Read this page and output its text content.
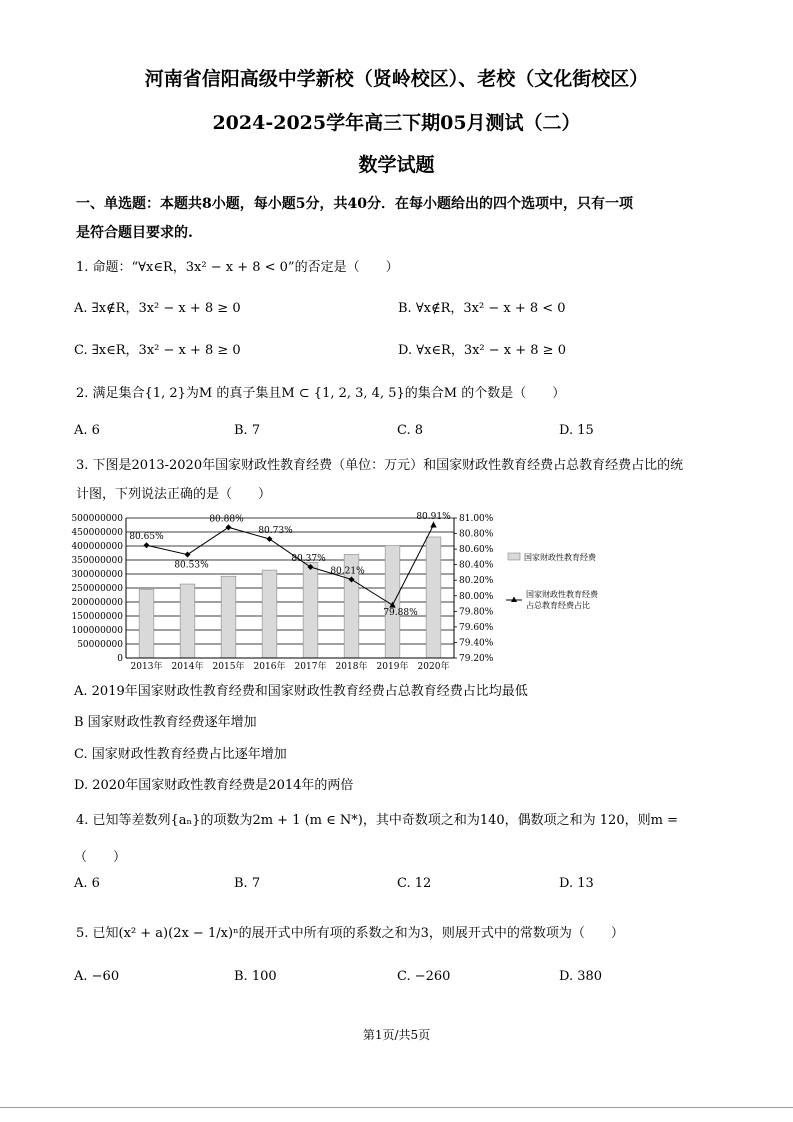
河南省信阳高级中学新校（贤岭校区）、老校（文化街校区）
2024-2025学年高三下期05月测试（二）
数学试题
一、单选题：本题共8小题，每小题5分，共40分．在每小题给出的四个选项中，只有一项
是符合题目要求的.
1. 命题：“∀x∈R，3x² − x + 8 < 0”的否定是（　　）
A. ∃x∉R，3x² − x + 8 ≥ 0	B. ∀x∉R，3x² − x + 8 < 0
C. ∃x∈R，3x² − x + 8 ≥ 0	D. ∀x∈R，3x² − x + 8 ≥ 0
2. 满足集合{1, 2}为M 的真子集且M ⊂ {1, 2, 3, 4, 5}的集合M 的个数是（　　）
A. 6	B. 7	C. 8	D. 15
3. 下图是2013-2020年国家财政性教育经费（单位：万元）和国家财政性教育经费占总教育经费占比的统
计图，下列说法正确的是（　　）
500000000
450000000
400000000
350000000
300000000
250000000
200000000
150000000
100000000
50000000
0
81.00%
80.80%
80.60%
80.40%
80.20%
80.00%
79.80%
79.60%
79.40%
79.20%
2013年 2014年 2015年 2016年 2017年 2018年 2019年 2020年
80.65%
80.53%
80.88%
80.73%
80.37%
80.21%
79.88%
80.91%
国家财政性教育经费
国家财政性教育经费
占总教育经费占比
A. 2019年国家财政性教育经费和国家财政性教育经费占总教育经费占比均最低
B 国家财政性教育经费逐年增加
C. 国家财政性教育经费占比逐年增加
D. 2020年国家财政性教育经费是2014年的两倍
4. 已知等差数列{aₙ}的项数为2m + 1 (m ∈ N*)，其中奇数项之和为140，偶数项之和为 120，则m =
（　　）
A. 6	B. 7	C. 12	D. 13
5. 已知(x² + a)(2x − 1/x)ⁿ的展开式中所有项的系数之和为3，则展开式中的常数项为（　　）
A. −60	B. 100	C. −260	D. 380
第1页/共5页
